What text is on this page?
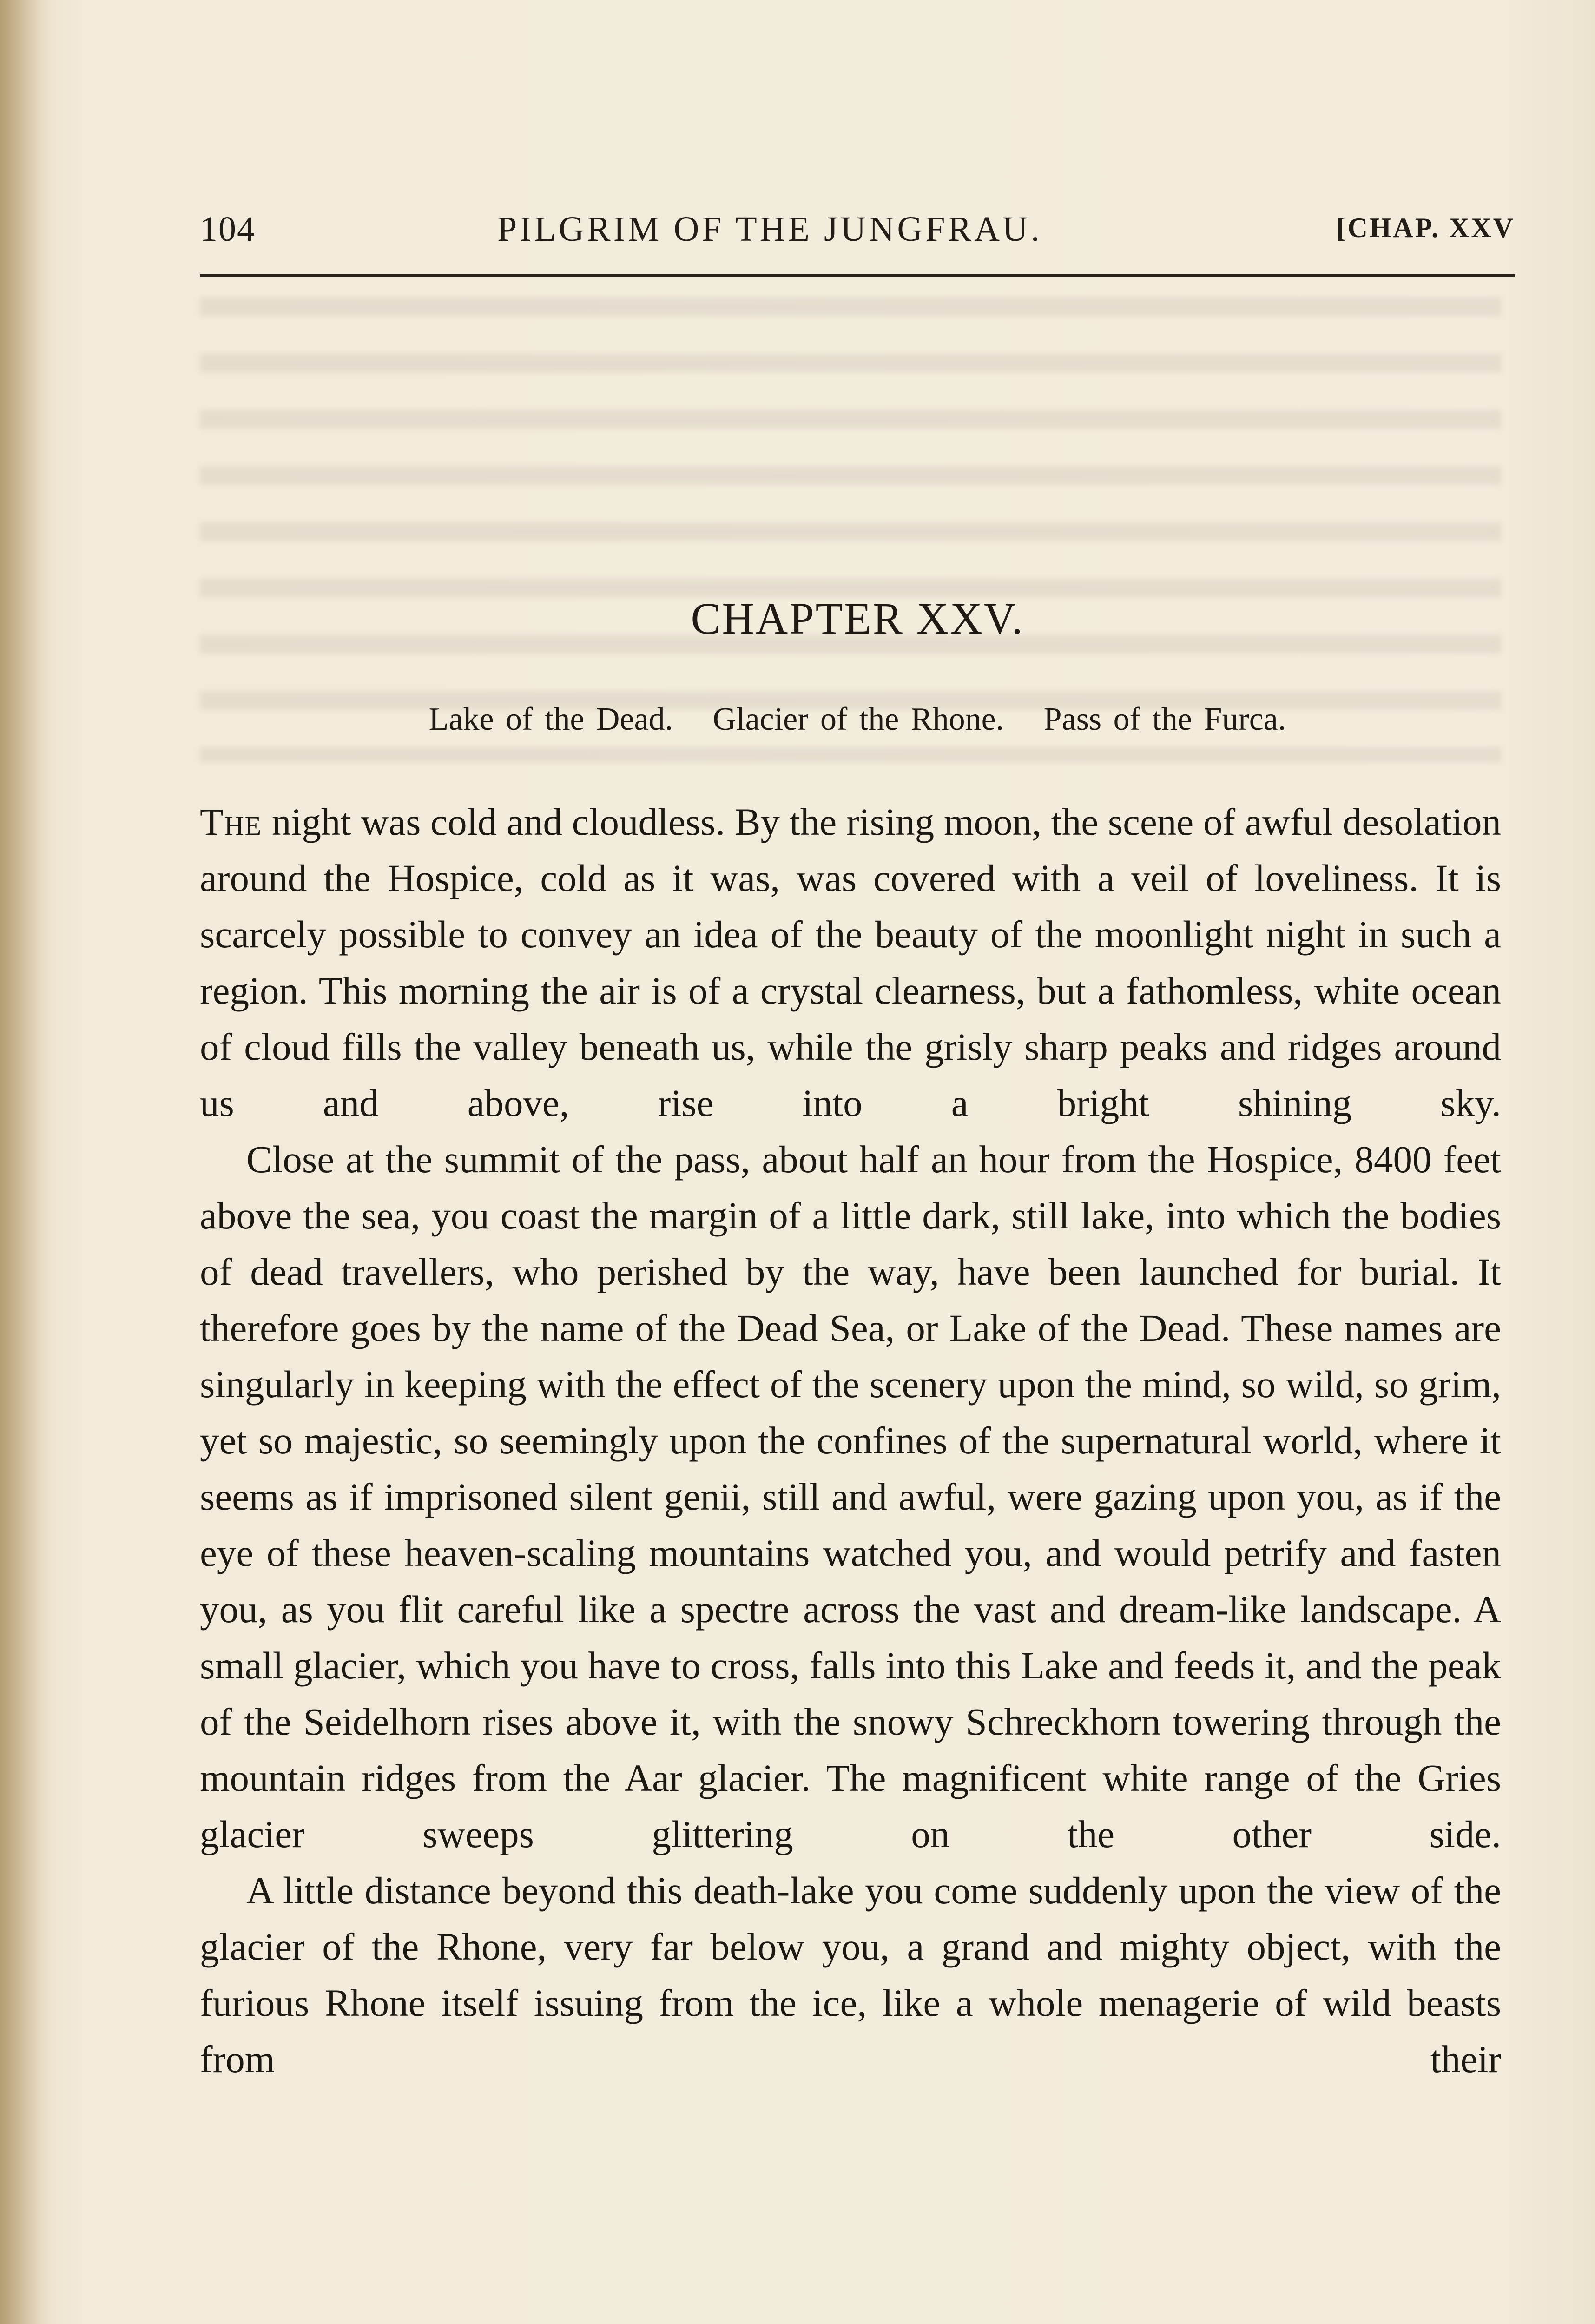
104	PILGRIM OF THE JUNGFRAU.	[CHAP. XXV
CHAPTER XXV.
Lake of the Dead. Glacier of the Rhone. Pass of the Furca.

The night was cold and cloudless. By the rising moon, the scene of awful desolation around the Hospice, cold as it was, was covered with a veil of loveliness. It is scarcely possible to convey an idea of the beauty of the moonlight night in such a region. This morning the air is of a crystal clearness, but a fathomless, white ocean of cloud fills the valley beneath us, while the grisly sharp peaks and ridges around us and above, rise into a bright shining sky.

Close at the summit of the pass, about half an hour from the Hospice, 8400 feet above the sea, you coast the margin of a little dark, still lake, into which the bodies of dead travellers, who perished by the way, have been launched for burial. It therefore goes by the name of the Dead Sea, or Lake of the Dead. These names are singularly in keeping with the effect of the scenery upon the mind, so wild, so grim, yet so majestic, so seemingly upon the confines of the supernatural world, where it seems as if imprisoned silent genii, still and awful, were gazing upon you, as if the eye of these heaven-scaling mountains watched you, and would petrify and fasten you, as you flit careful like a spectre across the vast and dream-like landscape. A small glacier, which you have to cross, falls into this Lake and feeds it, and the peak of the Seidelhorn rises above it, with the snowy Schreckhorn towering through the mountain ridges from the Aar glacier. The magnificent white range of the Gries glacier sweeps glittering on the other side.

A little distance beyond this death-lake you come suddenly upon the view of the glacier of the Rhone, very far below you, a grand and mighty object, with the furious Rhone itself issuing from the ice, like a whole menagerie of wild beasts from their
